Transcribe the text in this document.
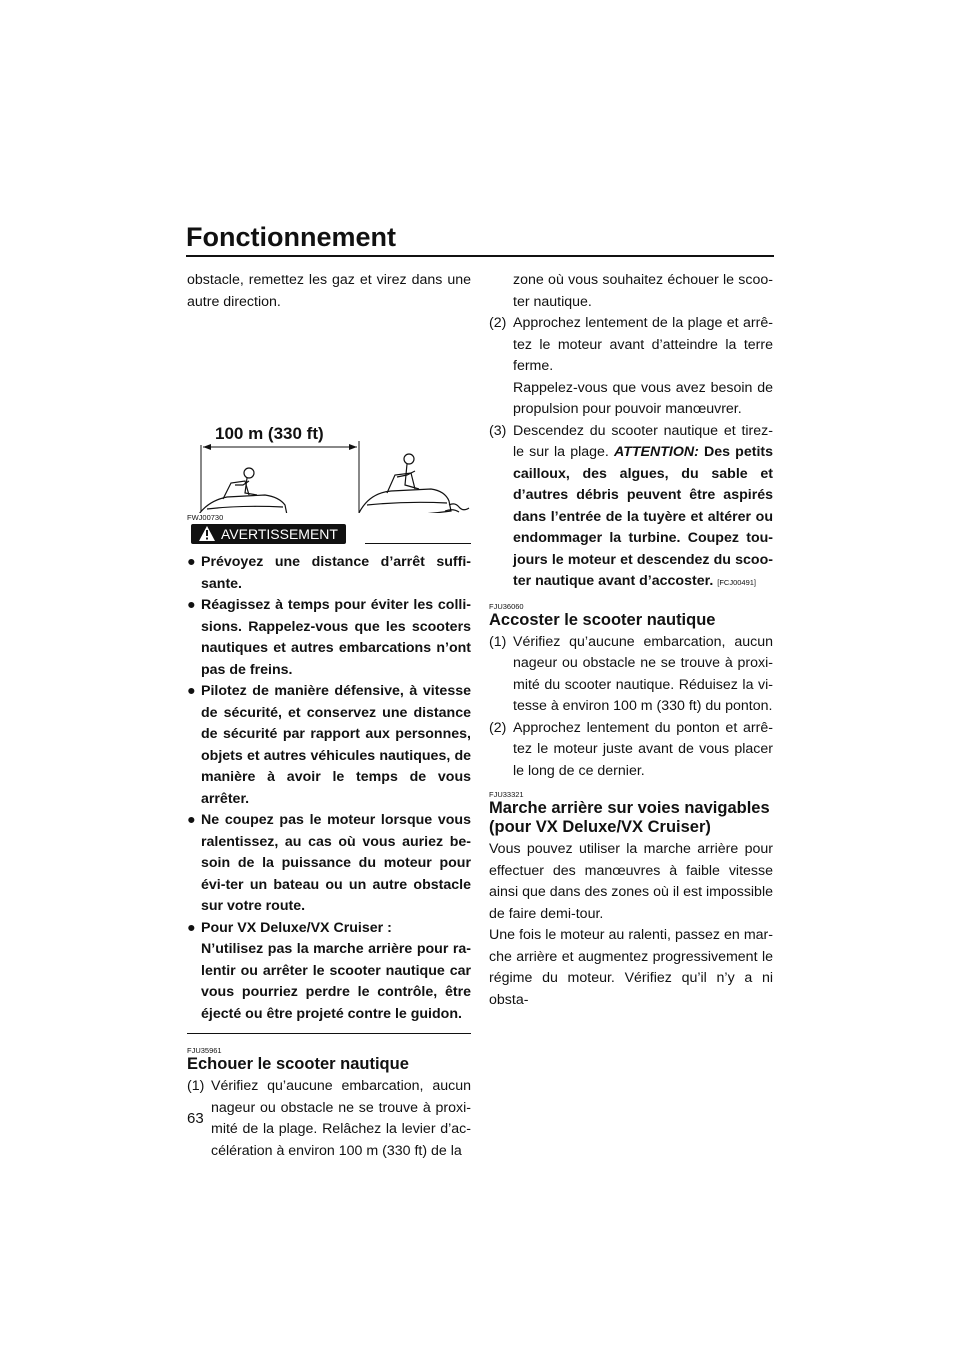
Fonctionnement

obstacle, remettez les gaz et virez dans une autre direction.

100 m (330 ft)
FWJ00730
AVERTISSEMENT
● Prévoyez une distance d’arrêt suffi-sante.
● Réagissez à temps pour éviter les colli-sions. Rappelez-vous que les scooters nautiques et autres embarcations n’ont pas de freins.
● Pilotez de manière défensive, à vitesse de sécurité, et conservez une distance de sécurité par rapport aux personnes, objets et autres véhicules nautiques, de manière à avoir le temps de vous arrêter.
● Ne coupez pas le moteur lorsque vous ralentissez, au cas où vous auriez be-soin de la puissance du moteur pour évi-ter un bateau ou un autre obstacle sur votre route.
● Pour VX Deluxe/VX Cruiser :
N’utilisez pas la marche arrière pour ra-lentir ou arrêter le scooter nautique car vous pourriez perdre le contrôle, être éjecté ou être projeté contre le guidon.
FJU35961
Echouer le scooter nautique
(1) Vérifiez qu’aucune embarcation, aucun nageur ou obstacle ne se trouve à proxi-mité de la plage. Relâchez la levier d’ac-célération à environ 100 m (330 ft) de la
zone où vous souhaitez échouer le scoo-ter nautique.
(2) Approchez lentement de la plage et arrê-tez le moteur avant d’atteindre la terre ferme.
Rappelez-vous que vous avez besoin de propulsion pour pouvoir manœuvrer.
(3) Descendez du scooter nautique et tirez-le sur la plage. ATTENTION: Des petits cailloux, des algues, du sable et d’autres débris peuvent être aspirés dans l’entrée de la tuyère et altérer ou endommager la turbine. Coupez tou-jours le moteur et descendez du scoo-ter nautique avant d’accoster. [FCJ00491]
FJU36060
Accoster le scooter nautique
(1) Vérifiez qu’aucune embarcation, aucun nageur ou obstacle ne se trouve à proxi-mité du scooter nautique. Réduisez la vi-tesse à environ 100 m (330 ft) du ponton.
(2) Approchez lentement du ponton et arrê-tez le moteur juste avant de vous placer le long de ce dernier.
FJU33321
Marche arrière sur voies navigables
(pour VX Deluxe/VX Cruiser)

Vous pouvez utiliser la marche arrière pour effectuer des manœuvres à faible vitesse ainsi que dans des zones où il est impossible de faire demi-tour.

Une fois le moteur au ralenti, passez en mar-che arrière et augmentez progressivement le régime du moteur. Vérifiez qu’il n’y a ni obsta-

63
